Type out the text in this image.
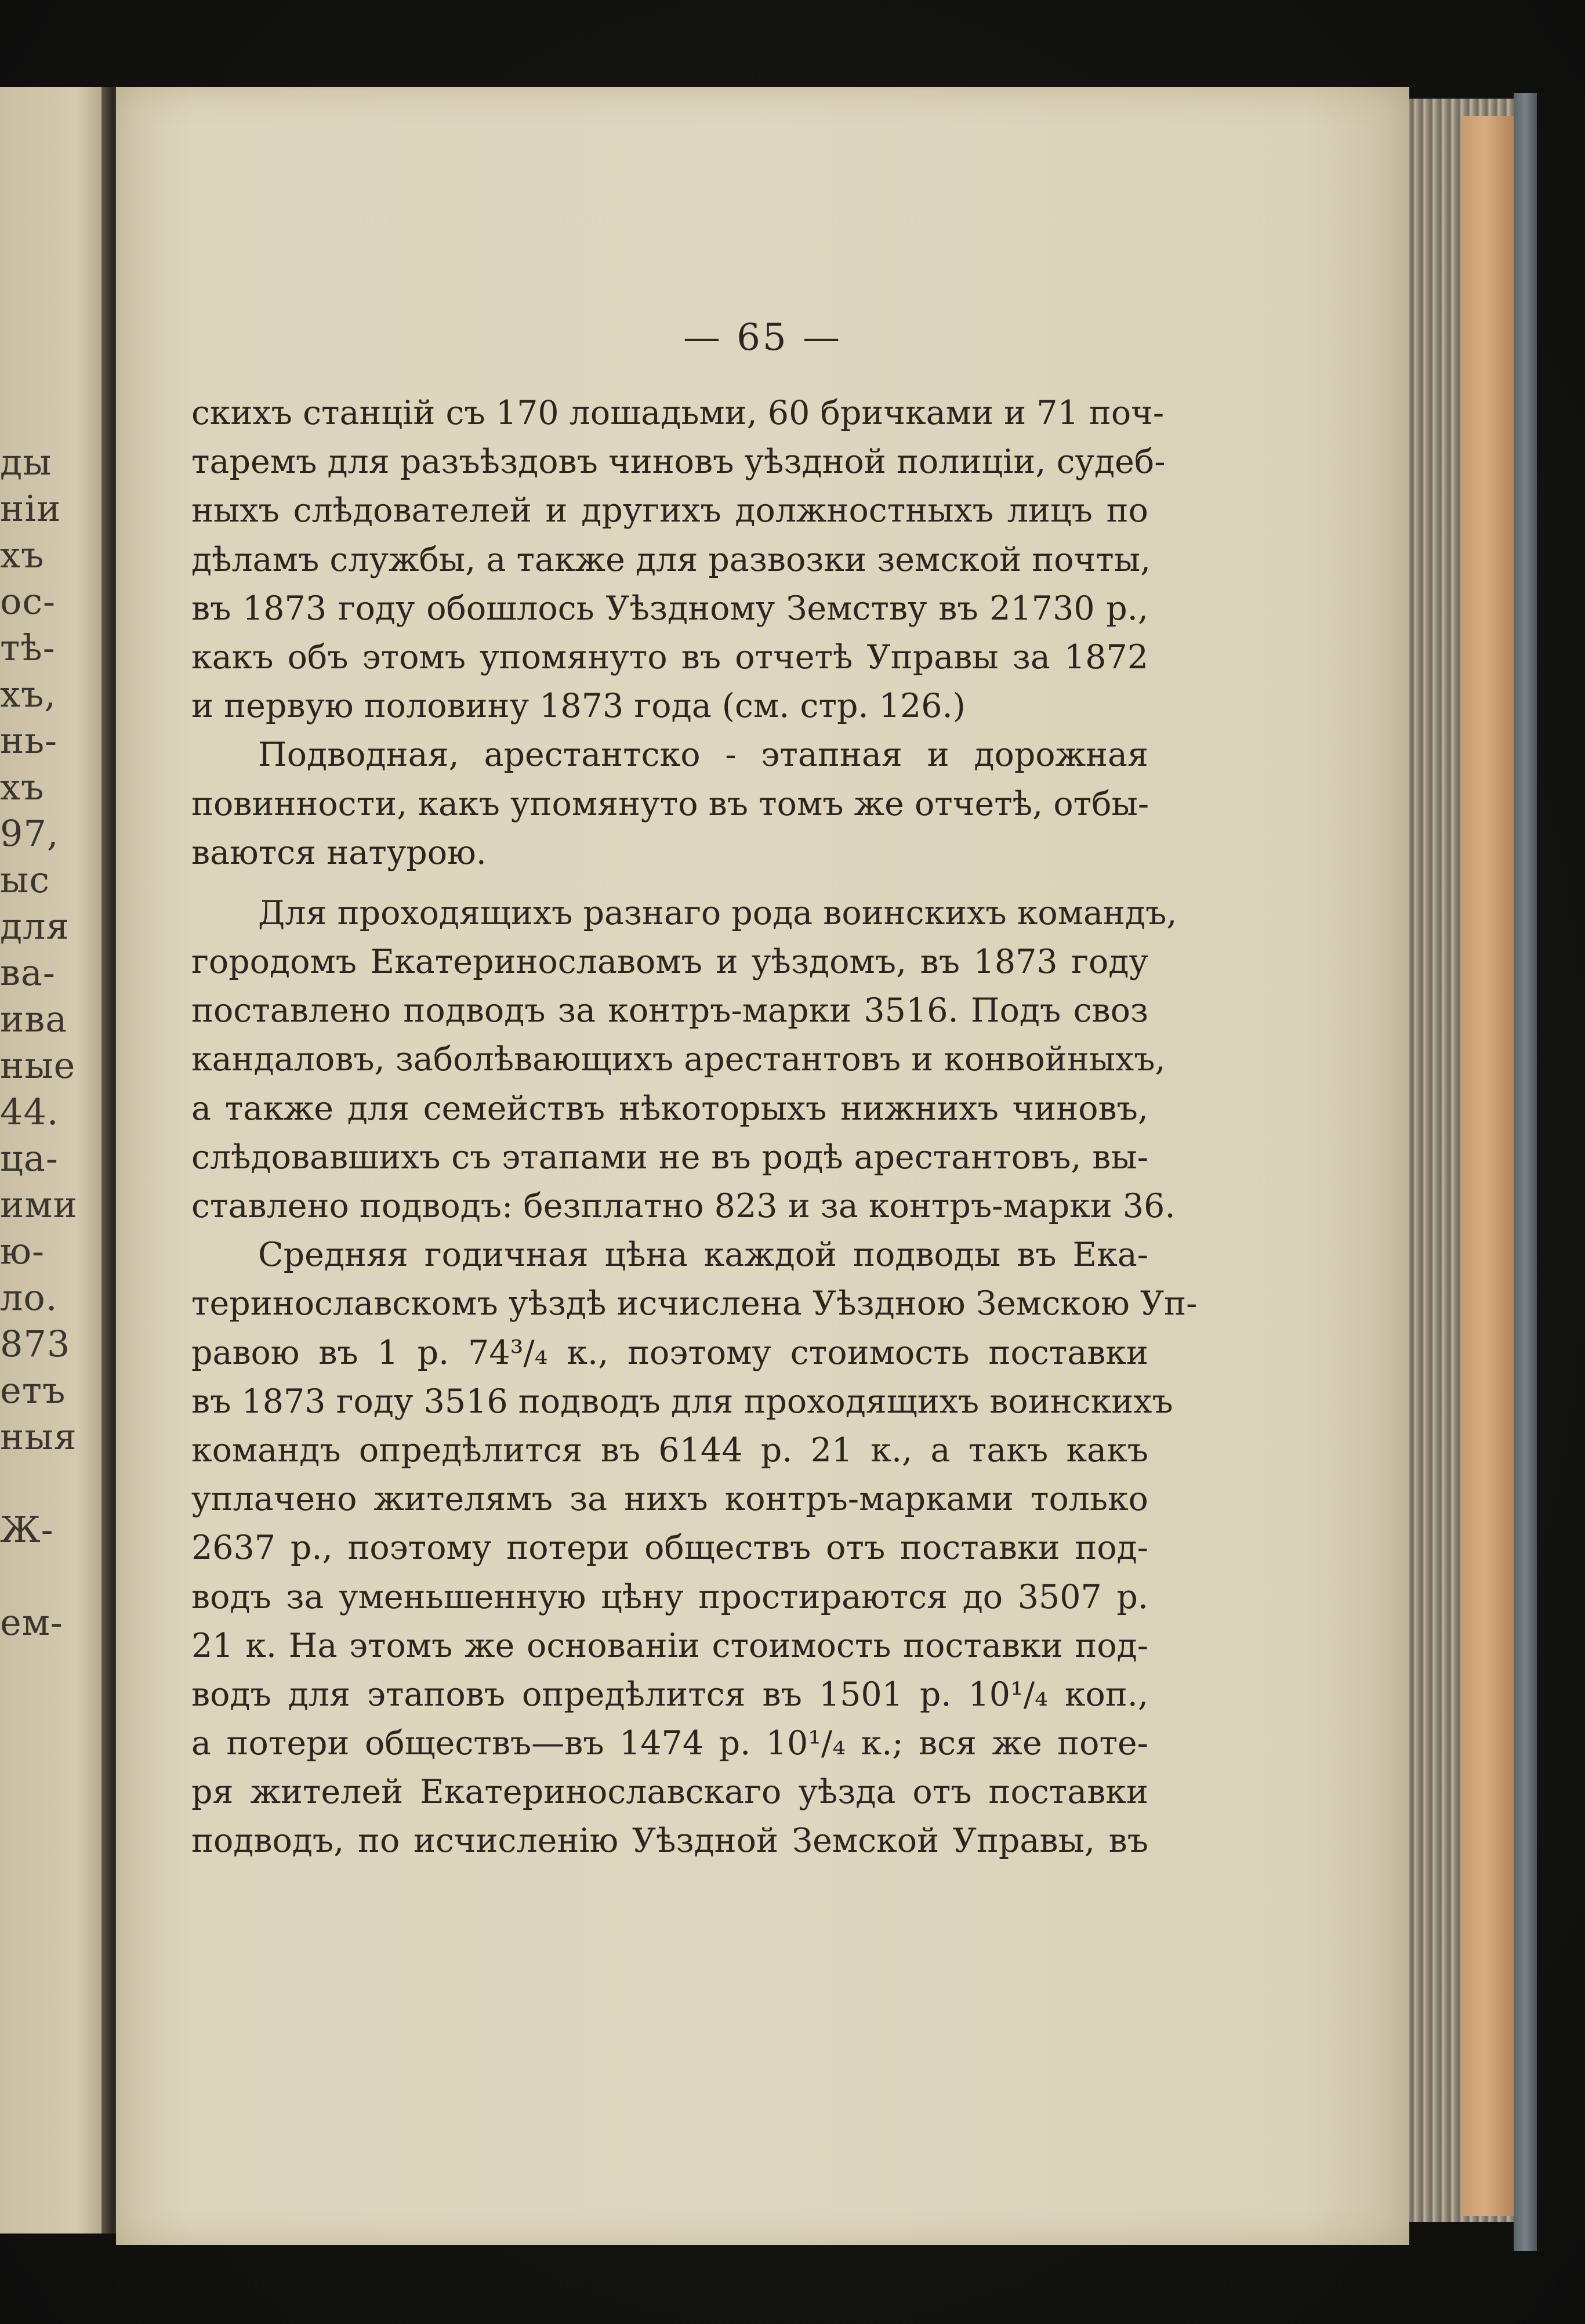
ды
ніи
хъ
ос-
тѣ-
хъ,
нь-
хъ
97,
ыс
для
ва-
ива
ные
44.
ца-
ими
ю-
ло.
873
етъ
ныя
Ж-
ем-
— 65 —
скихъ станцій съ 170 лошадьми, 60 бричками и 71 поч-
таремъ для разъѣздовъ чиновъ уѣздной полиціи, судеб-
ныхъ слѣдователей и другихъ должностныхъ лицъ по
дѣламъ службы, а также для развозки земской почты,
въ 1873 году обошлось Уѣздному Земству въ 21730 р.,
какъ объ этомъ упомянуто въ отчетѣ Управы за 1872
и первую половину 1873 года (см. стр. 126.)
Подводная, арестантско - этапная и дорожная
повинности, какъ упомянуто въ томъ же отчетѣ, отбы-
ваются натурою.
Для проходящихъ разнаго рода воинскихъ командъ,
городомъ Екатеринославомъ и уѣздомъ, въ 1873 году
поставлено подводъ за контръ-марки 3516. Подъ своз
кандаловъ, заболѣвающихъ арестантовъ и конвойныхъ,
а также для семействъ нѣкоторыхъ нижнихъ чиновъ,
слѣдовавшихъ съ этапами не въ родѣ арестантовъ, вы-
ставлено подводъ: безплатно 823 и за контръ-марки 36.
Средняя годичная цѣна каждой подводы въ Ека-
теринославскомъ уѣздѣ исчислена Уѣздною Земскою Уп-
равою въ 1 р. 74³/₄ к., поэтому стоимость поставки
въ 1873 году 3516 подводъ для проходящихъ воинскихъ
командъ опредѣлится въ 6144 р. 21 к., а такъ какъ
уплачено жителямъ за нихъ контръ-марками только
2637 р., поэтому потери обществъ отъ поставки под-
водъ за уменьшенную цѣну простираются до 3507 р.
21 к. На этомъ же основаніи стоимость поставки под-
водъ для этаповъ опредѣлится въ 1501 р. 10¹/₄ коп.,
а потери обществъ—въ 1474 р. 10¹/₄ к.; вся же поте-
ря жителей Екатеринославскаго уѣзда отъ поставки
подводъ, по исчисленію Уѣздной Земской Управы, въ
